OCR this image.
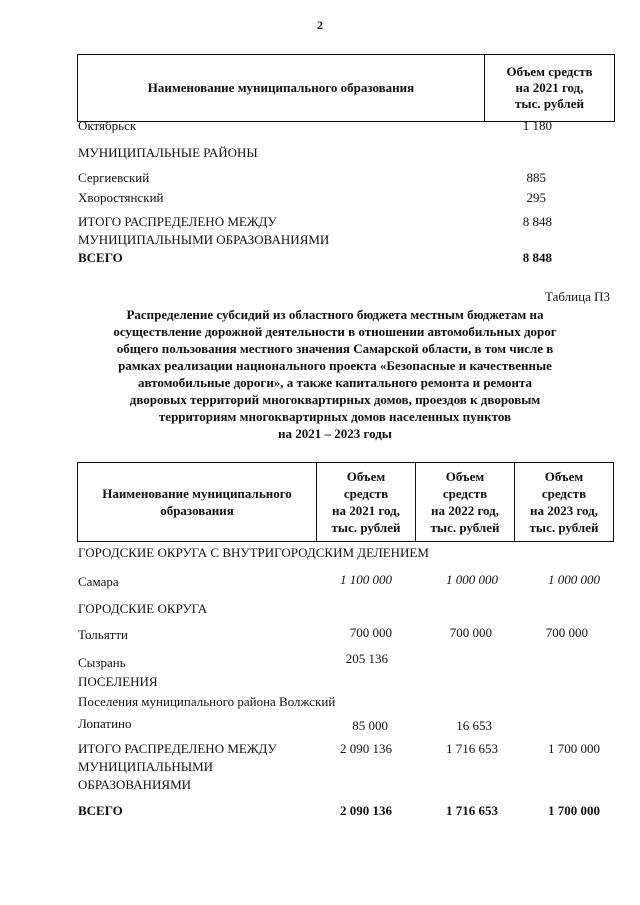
2
Наименование муниципального образования
Объем средств
на 2021 год,
тыс. рублей
Октябрьск	1 180
МУНИЦИПАЛЬНЫЕ РАЙОНЫ
Сергиевский	885
Хворостянский	295
ИТОГО РАСПРЕДЕЛЕНО МЕЖДУ
МУНИЦИПАЛЬНЫМИ ОБРАЗОВАНИЯМИ
8 848
ВСЕГО	8 848
Таблица П3
Распределение субсидий из областного бюджета местным бюджетам на
осуществление дорожной деятельности в отношении автомобильных дорог
общего пользования местного значения Самарской области, в том числе в
рамках реализации национального проекта «Безопасные и качественные
автомобильные дороги», а также капитального ремонта и ремонта
дворовых территорий многоквартирных домов, проездов к дворовым
территориям многоквартирных домов населенных пунктов
на 2021 – 2023 годы
Наименование муниципального
образования
Объем
средств
на 2021 год,
тыс. рублей
Объем
средств
на 2022 год,
тыс. рублей
Объем
средств
на 2023 год,
тыс. рублей
ГОРОДСКИЕ ОКРУГА С ВНУТРИГОРОДСКИМ ДЕЛЕНИЕМ
Самара	1 100 000	1 000 000	1 000 000
ГОРОДСКИЕ ОКРУГА
Тольятти	700 000	700 000	700 000
Сызрань	205 136
ПОСЕЛЕНИЯ
Поселения муниципального района Волжский
Лопатино	85 000	16 653
ИТОГО РАСПРЕДЕЛЕНО МЕЖДУ
МУНИЦИПАЛЬНЫМИ
ОБРАЗОВАНИЯМИ
2 090 136	1 716 653	1 700 000
ВСЕГО	2 090 136	1 716 653	1 700 000
